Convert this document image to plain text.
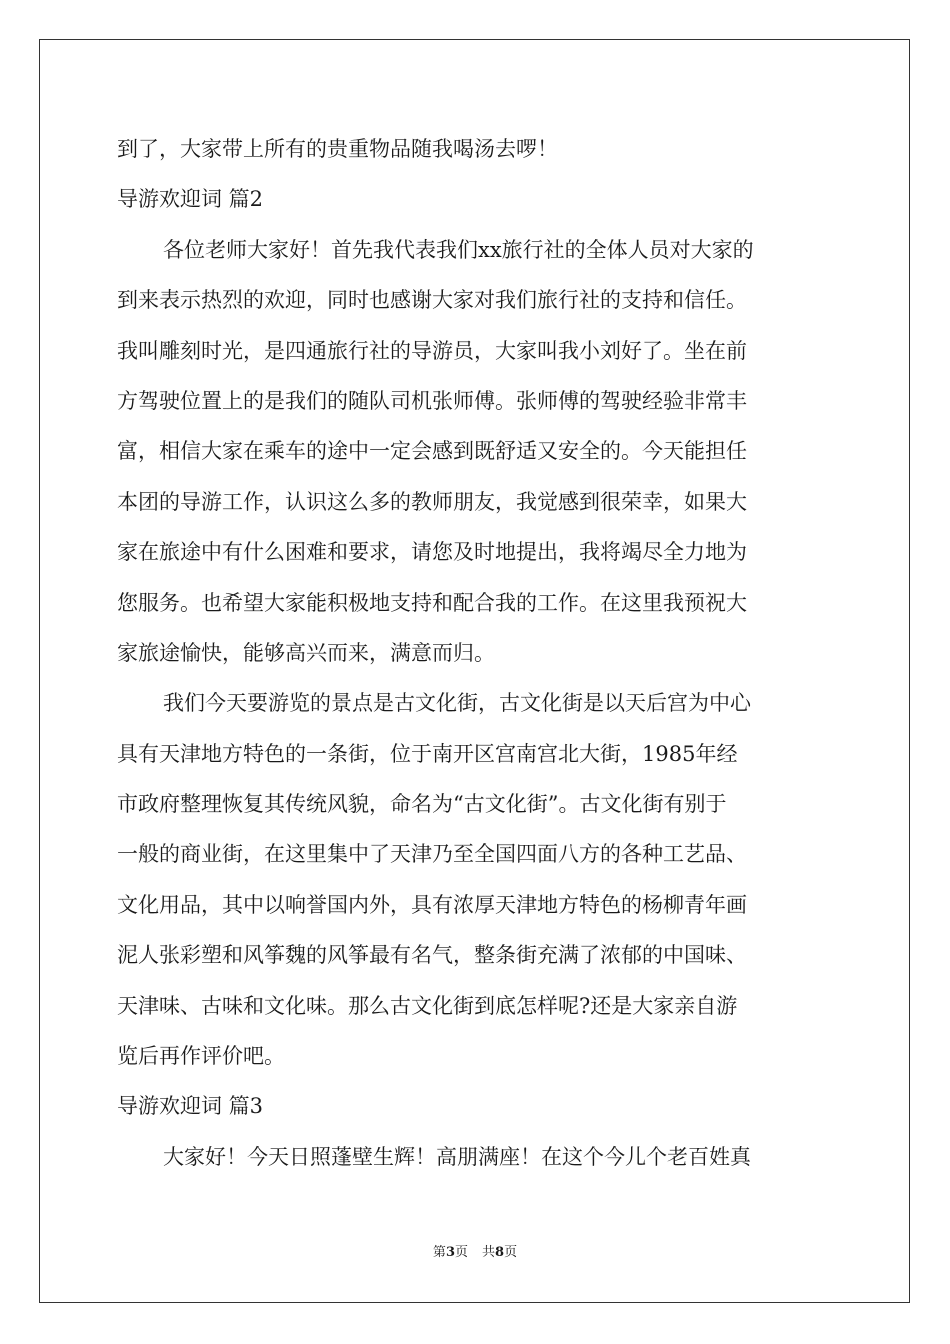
到了，大家带上所有的贵重物品随我喝汤去啰！
导游欢迎词 篇2
各位老师大家好！首先我代表我们xx旅行社的全体人员对大家的
到来表示热烈的欢迎，同时也感谢大家对我们旅行社的支持和信任。
我叫雕刻时光，是四通旅行社的导游员，大家叫我小刘好了。坐在前
方驾驶位置上的是我们的随队司机张师傅。张师傅的驾驶经验非常丰
富，相信大家在乘车的途中一定会感到既舒适又安全的。今天能担任
本团的导游工作，认识这么多的教师朋友，我觉感到很荣幸，如果大
家在旅途中有什么困难和要求，请您及时地提出，我将竭尽全力地为
您服务。也希望大家能积极地支持和配合我的工作。在这里我预祝大
家旅途愉快，能够高兴而来，满意而归。
我们今天要游览的景点是古文化街，古文化街是以天后宫为中心
具有天津地方特色的一条街，位于南开区宫南宫北大街，1985年经
市政府整理恢复其传统风貌，命名为“古文化街”。古文化街有别于
一般的商业街，在这里集中了天津乃至全国四面八方的各种工艺品、
文化用品，其中以响誉国内外，具有浓厚天津地方特色的杨柳青年画
泥人张彩塑和风筝魏的风筝最有名气，整条街充满了浓郁的中国味、
天津味、古味和文化味。那么古文化街到底怎样呢?还是大家亲自游
览后再作评价吧。
导游欢迎词 篇3
大家好！今天日照蓬壁生辉！高朋满座！在这个今儿个老百姓真
第3页 共8页
